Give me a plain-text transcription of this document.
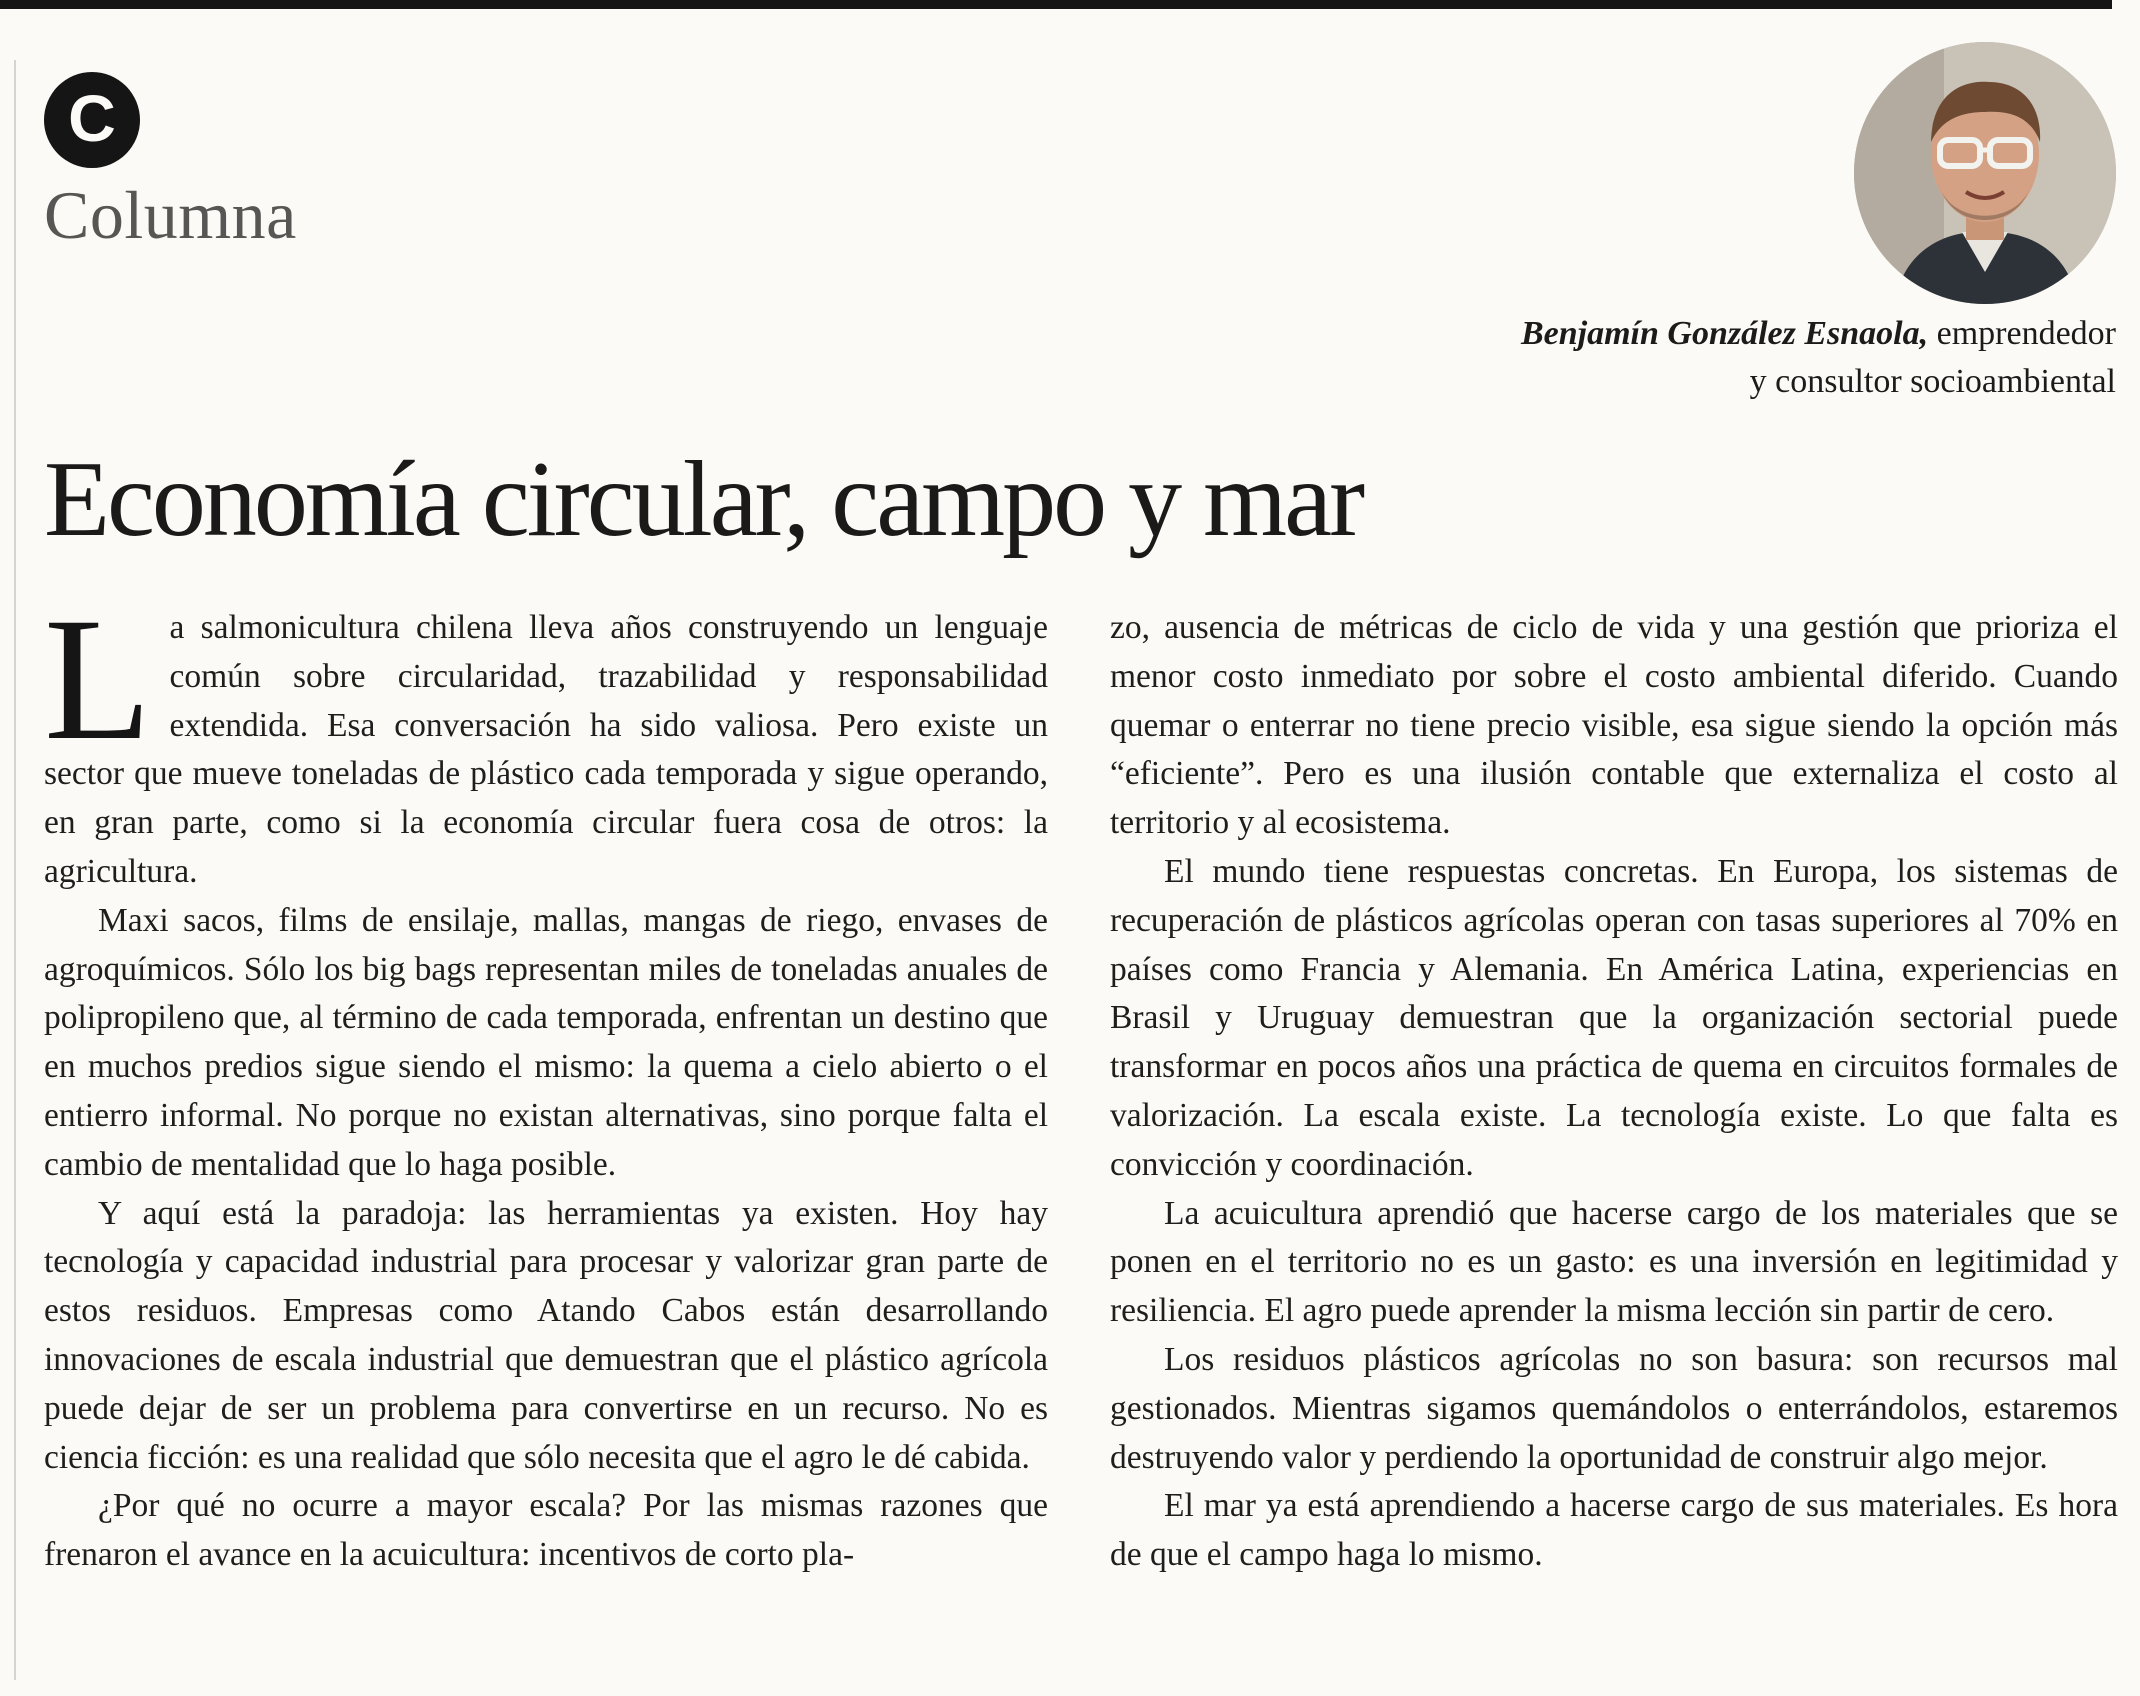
C
Columna
Benjamín González Esnaola, emprendedor
y consultor socioambiental
Economía circular, campo y mar

La salmonicultura chilena lleva años construyendo un lenguaje común sobre circularidad, trazabilidad y responsabilidad extendida. Esa conversación ha sido valiosa. Pero existe un sector que mueve toneladas de plástico cada temporada y sigue operando, en gran parte, como si la economía circular fuera cosa de otros: la agricultura.

Maxi sacos, films de ensilaje, mallas, mangas de riego, envases de agroquímicos. Sólo los big bags representan miles de toneladas anuales de polipropileno que, al término de cada temporada, enfrentan un destino que en muchos predios sigue siendo el mismo: la quema a cielo abierto o el entierro informal. No porque no existan alternativas, sino porque falta el cambio de mentalidad que lo haga posible.

Y aquí está la paradoja: las herramientas ya existen. Hoy hay tecnología y capacidad industrial para procesar y valorizar gran parte de estos residuos. Empresas como Atando Cabos están desarrollando innovaciones de escala industrial que demuestran que el plástico agrícola puede dejar de ser un problema para convertirse en un recurso. No es ciencia ficción: es una realidad que sólo necesita que el agro le dé cabida.

¿Por qué no ocurre a mayor escala? Por las mismas razones que frenaron el avance en la acuicultura: incentivos de corto pla-

zo, ausencia de métricas de ciclo de vida y una gestión que prioriza el menor costo inmediato por sobre el costo ambiental diferido. Cuando quemar o enterrar no tiene precio visible, esa sigue siendo la opción más “eficiente”. Pero es una ilusión contable que externaliza el costo al territorio y al ecosistema.

El mundo tiene respuestas concretas. En Europa, los sistemas de recuperación de plásticos agrícolas operan con tasas superiores al 70% en países como Francia y Alemania. En América Latina, experiencias en Brasil y Uruguay demuestran que la organización sectorial puede transformar en pocos años una práctica de quema en circuitos formales de valorización. La escala existe. La tecnología existe. Lo que falta es convicción y coordinación.

La acuicultura aprendió que hacerse cargo de los materiales que se ponen en el territorio no es un gasto: es una inversión en legitimidad y resiliencia. El agro puede aprender la misma lección sin partir de cero.

Los residuos plásticos agrícolas no son basura: son recursos mal gestionados. Mientras sigamos quemándolos o enterrándolos, estaremos destruyendo valor y perdiendo la oportunidad de construir algo mejor.

El mar ya está aprendiendo a hacerse cargo de sus materiales. Es hora de que el campo haga lo mismo.
